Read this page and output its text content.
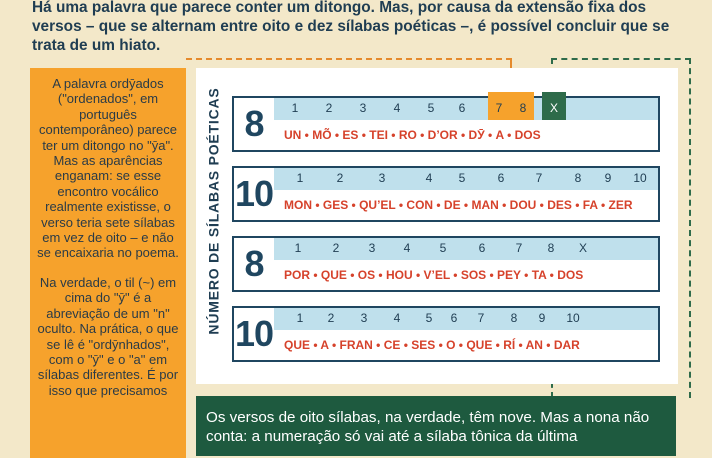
Há uma palavra que parece conter um ditongo. Mas, por causa da extensão fixa dos versos – que se alternam entre oito e dez sílabas poéticas –, é possível concluir que se trata de um hiato.

A palavra ordӯados ("ordenados", em português contemporâneo) parece ter um ditongo no "ӯa". Mas as aparências enganam: se esse encontro vocálico realmente existisse, o verso teria sete sílabas em vez de oito – e não se encaixaria no poema.

Na verdade, o til (~) em cima do "ӯ" é a abreviação de um "n" oculto. Na prática, o que se lê é "ordӯnhados", com o "ӯ" e o "a" em sílabas diferentes. É por isso que precisamos

NÚMERO DE SÍLABAS POÉTICAS 8	1 2 3 4 5 6	7 8 X
UN • MÕ • ES • TEI • RO • D’OR • DӮ • A • DOS
10 1	2	3	4 5	6	7	8 9 10
MON • GES • QU’EL • CON • DE • MAN • DOU • DES • FA • ZER
8	1	2 3 4 5	6	7 8 X
POR • QUE • OS • HOU • V’EL • SOS • PEY • TA • DOS
10 1 2 3 4 5 6 7 8 9 10
QUE • A • FRAN • CE • SES • O • QUE • RÍ • AN • DAR
Os versos de oito sílabas, na verdade, têm nove. Mas a nona não conta: a numeração só vai até a sílaba tônica da última
